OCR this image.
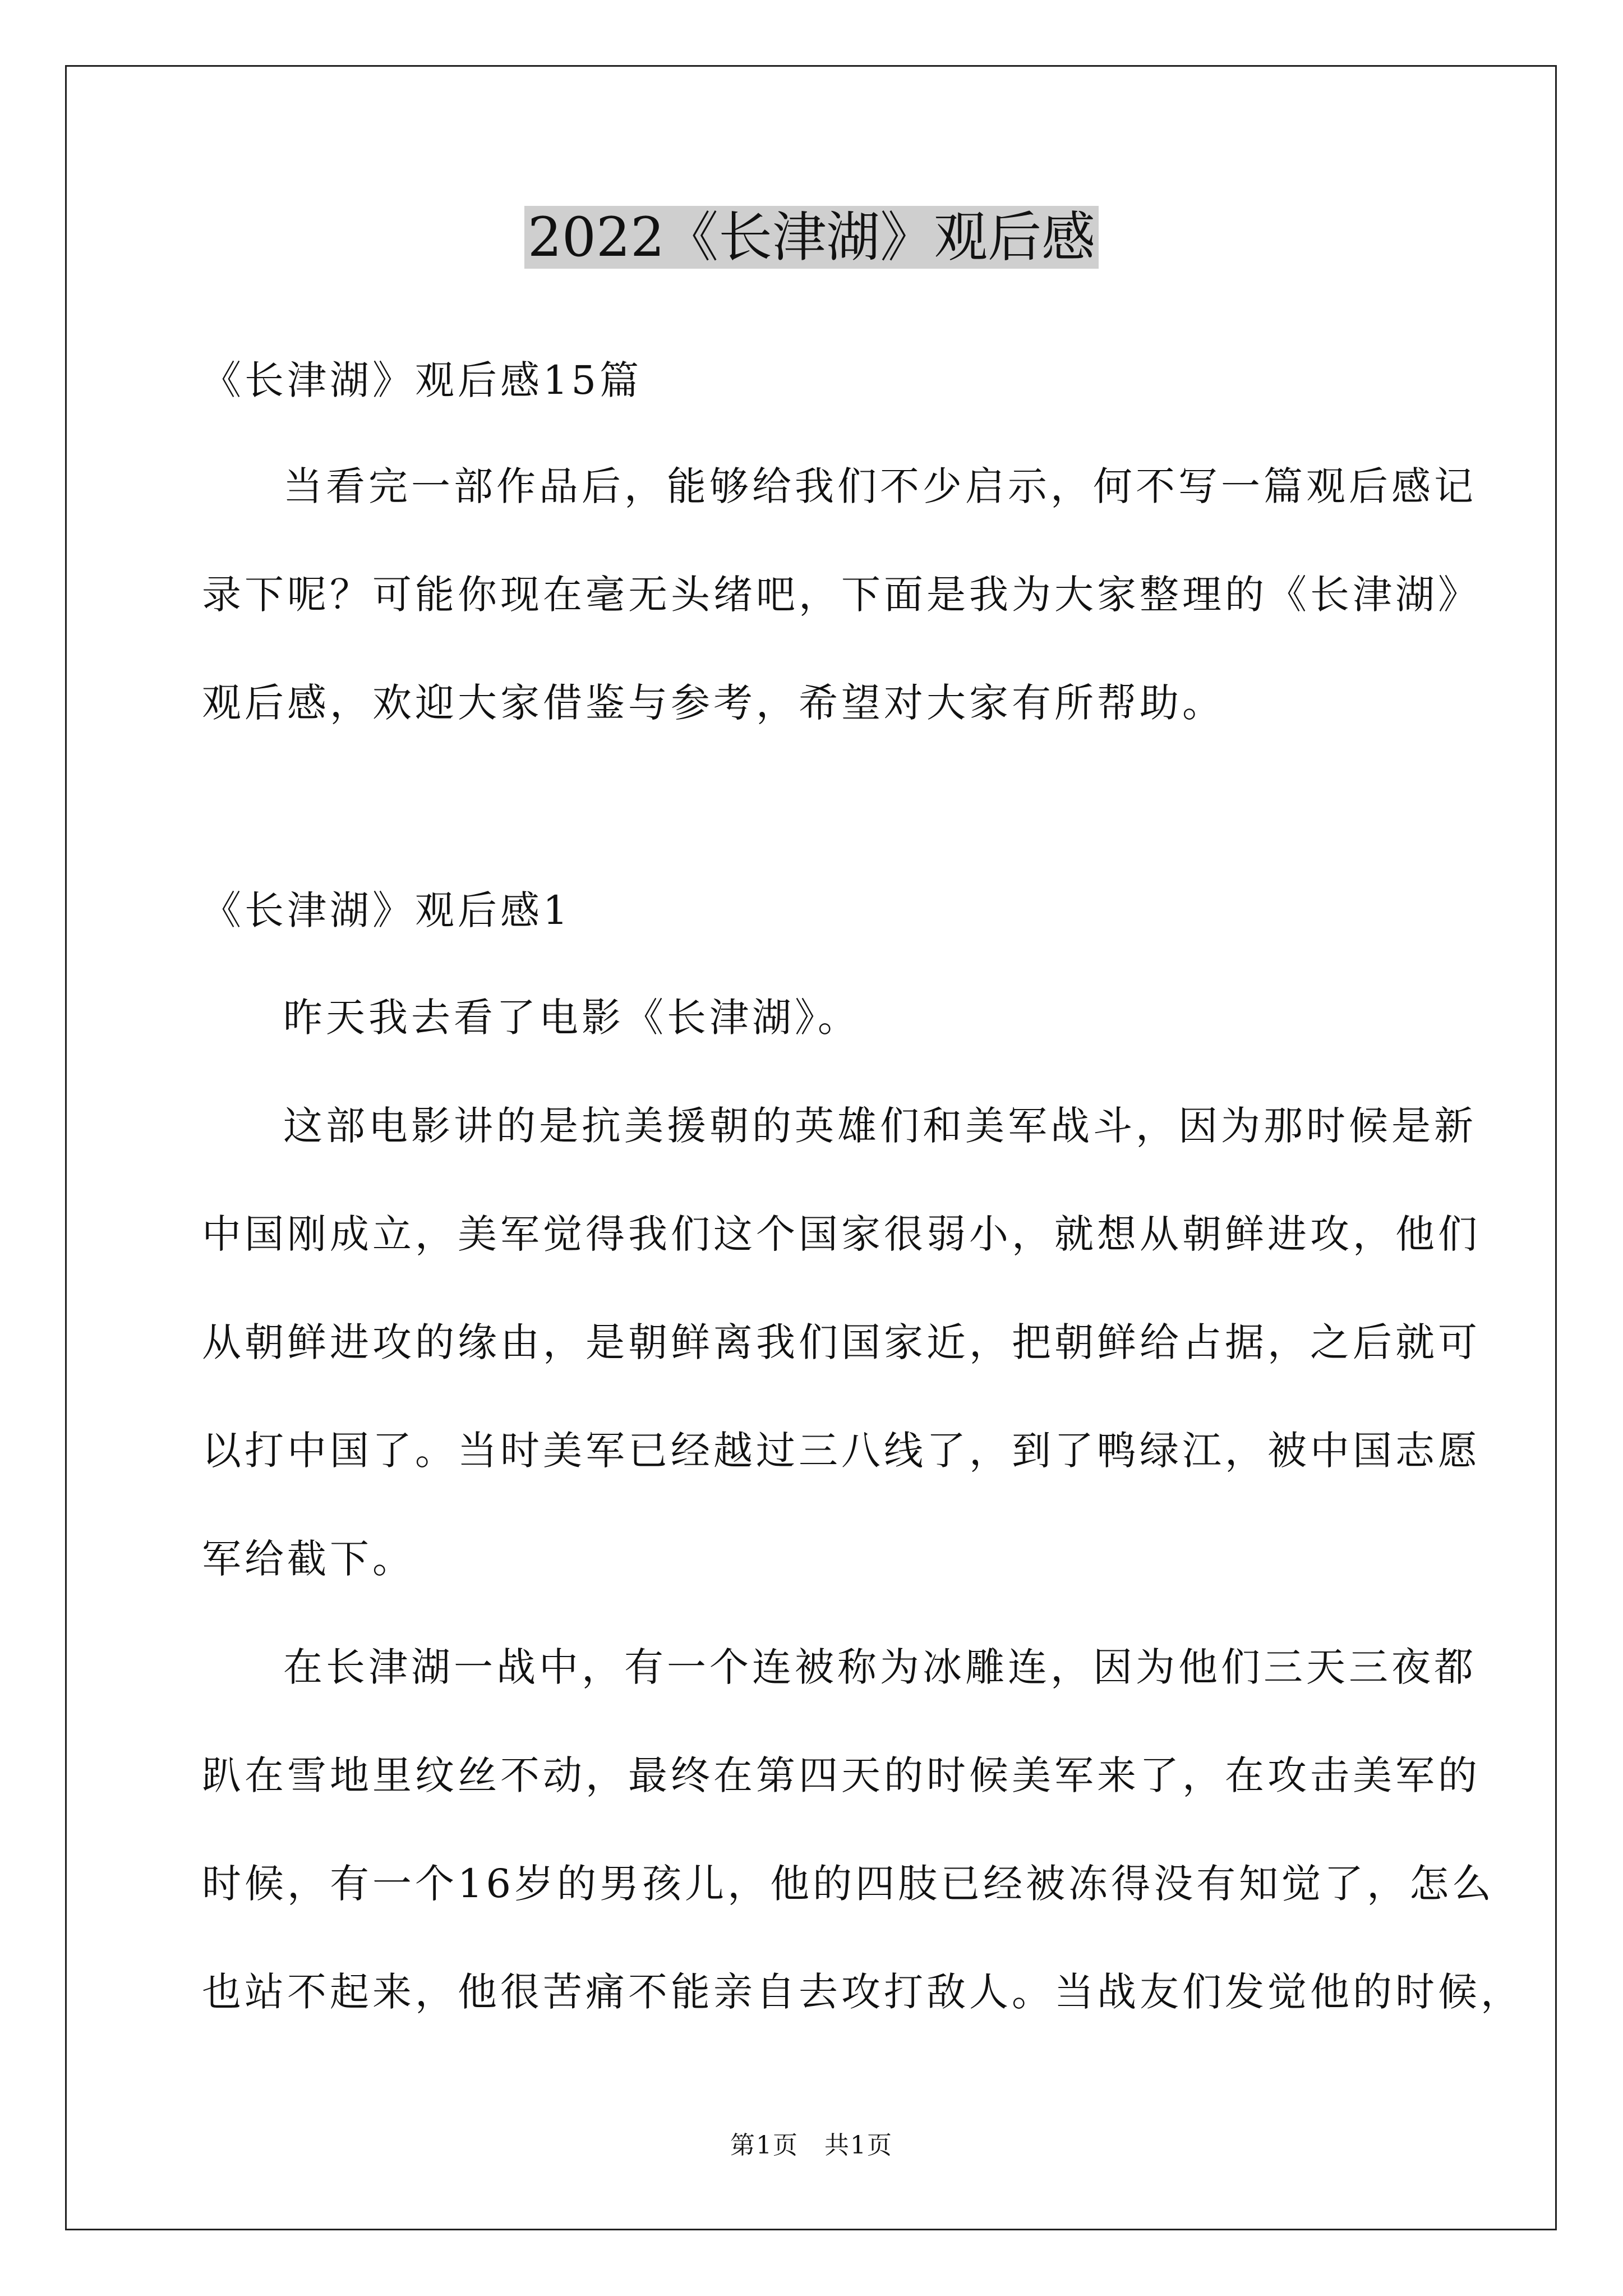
2022《长津湖》观后感
《长津湖》观后感15篇
当看完一部作品后，能够给我们不少启示，何不写一篇观后感记
录下呢？可能你现在毫无头绪吧，下面是我为大家整理的《长津湖》
观后感，欢迎大家借鉴与参考，希望对大家有所帮助。
《长津湖》观后感1
昨天我去看了电影《长津湖》。
这部电影讲的是抗美援朝的英雄们和美军战斗，因为那时候是新
中国刚成立，美军觉得我们这个国家很弱小，就想从朝鲜进攻，他们
从朝鲜进攻的缘由，是朝鲜离我们国家近，把朝鲜给占据，之后就可
以打中国了。当时美军已经越过三八线了，到了鸭绿江，被中国志愿
军给截下。
在长津湖一战中，有一个连被称为冰雕连，因为他们三天三夜都
趴在雪地里纹丝不动，最终在第四天的时候美军来了，在攻击美军的
时候，有一个16岁的男孩儿，他的四肢已经被冻得没有知觉了，怎么
也站不起来，他很苦痛不能亲自去攻打敌人。当战友们发觉他的时候，
第1页 共1页
